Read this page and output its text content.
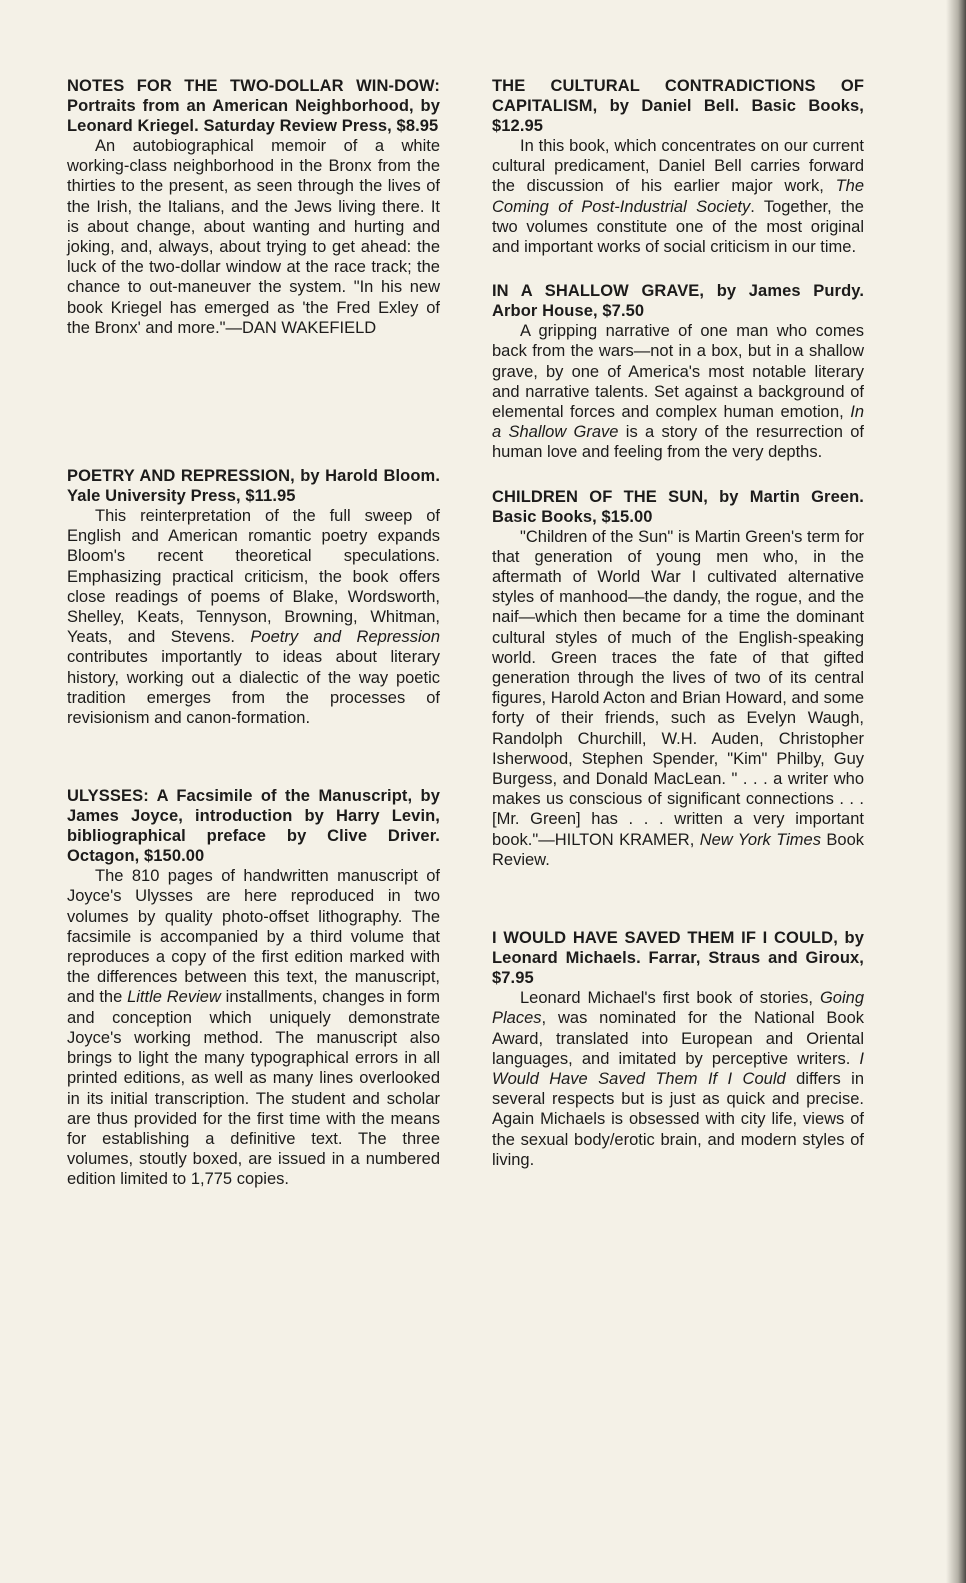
NOTES FOR THE TWO-DOLLAR WIN-DOW: Portraits from an American Neighborhood, by Leonard Kriegel. Saturday Review Press, $8.95

An autobiographical memoir of a white working-class neighborhood in the Bronx from the thirties to the present, as seen through the lives of the Irish, the Italians, and the Jews living there. It is about change, about wanting and hurting and joking, and, always, about trying to get ahead: the luck of the two-dollar window at the race track; the chance to out-maneuver the system. "In his new book Kriegel has emerged as 'the Fred Exley of the Bronx' and more."—DAN WAKEFIELD

POETRY AND REPRESSION, by Harold Bloom. Yale University Press, $11.95

This reinterpretation of the full sweep of English and American romantic poetry expands Bloom's recent theoretical speculations. Emphasizing practical criticism, the book offers close readings of poems of Blake, Wordsworth, Shelley, Keats, Tennyson, Browning, Whitman, Yeats, and Stevens. Poetry and Repression contributes importantly to ideas about literary history, working out a dialectic of the way poetic tradition emerges from the processes of revisionism and canon-formation.

ULYSSES: A Facsimile of the Manuscript, by James Joyce, introduction by Harry Levin, bibliographical preface by Clive Driver. Octagon, $150.00

The 810 pages of handwritten manuscript of Joyce's Ulysses are here reproduced in two volumes by quality photo-offset lithography. The facsimile is accompanied by a third volume that reproduces a copy of the first edition marked with the differences between this text, the manuscript, and the Little Review installments, changes in form and conception which uniquely demonstrate Joyce's working method. The manuscript also brings to light the many typographical errors in all printed editions, as well as many lines overlooked in its initial transcription. The student and scholar are thus provided for the first time with the means for establishing a definitive text. The three volumes, stoutly boxed, are issued in a numbered edition limited to 1,775 copies.

THE CULTURAL CONTRADICTIONS OF CAPITALISM, by Daniel Bell. Basic Books, $12.95

In this book, which concentrates on our current cultural predicament, Daniel Bell carries forward the discussion of his earlier major work, The Coming of Post-Industrial Society. Together, the two volumes constitute one of the most original and important works of social criticism in our time.

IN A SHALLOW GRAVE, by James Purdy. Arbor House, $7.50

A gripping narrative of one man who comes back from the wars—not in a box, but in a shallow grave, by one of America's most notable literary and narrative talents. Set against a background of elemental forces and complex human emotion, In a Shallow Grave is a story of the resurrection of human love and feeling from the very depths.

CHILDREN OF THE SUN, by Martin Green. Basic Books, $15.00

"Children of the Sun" is Martin Green's term for that generation of young men who, in the aftermath of World War I cultivated alternative styles of manhood—the dandy, the rogue, and the naif—which then became for a time the dominant cultural styles of much of the English-speaking world. Green traces the fate of that gifted generation through the lives of two of its central figures, Harold Acton and Brian Howard, and some forty of their friends, such as Evelyn Waugh, Randolph Churchill, W.H. Auden, Christopher Isherwood, Stephen Spender, "Kim" Philby, Guy Burgess, and Donald MacLean. " . . . a writer who makes us conscious of significant connections . . . [Mr. Green] has . . . written a very important book."—HILTON KRAMER, New York Times Book Review.

I WOULD HAVE SAVED THEM IF I COULD, by Leonard Michaels. Farrar, Straus and Giroux, $7.95

Leonard Michael's first book of stories, Going Places, was nominated for the National Book Award, translated into European and Oriental languages, and imitated by perceptive writers. I Would Have Saved Them If I Could differs in several respects but is just as quick and precise. Again Michaels is obsessed with city life, views of the sexual body/erotic brain, and modern styles of living.
